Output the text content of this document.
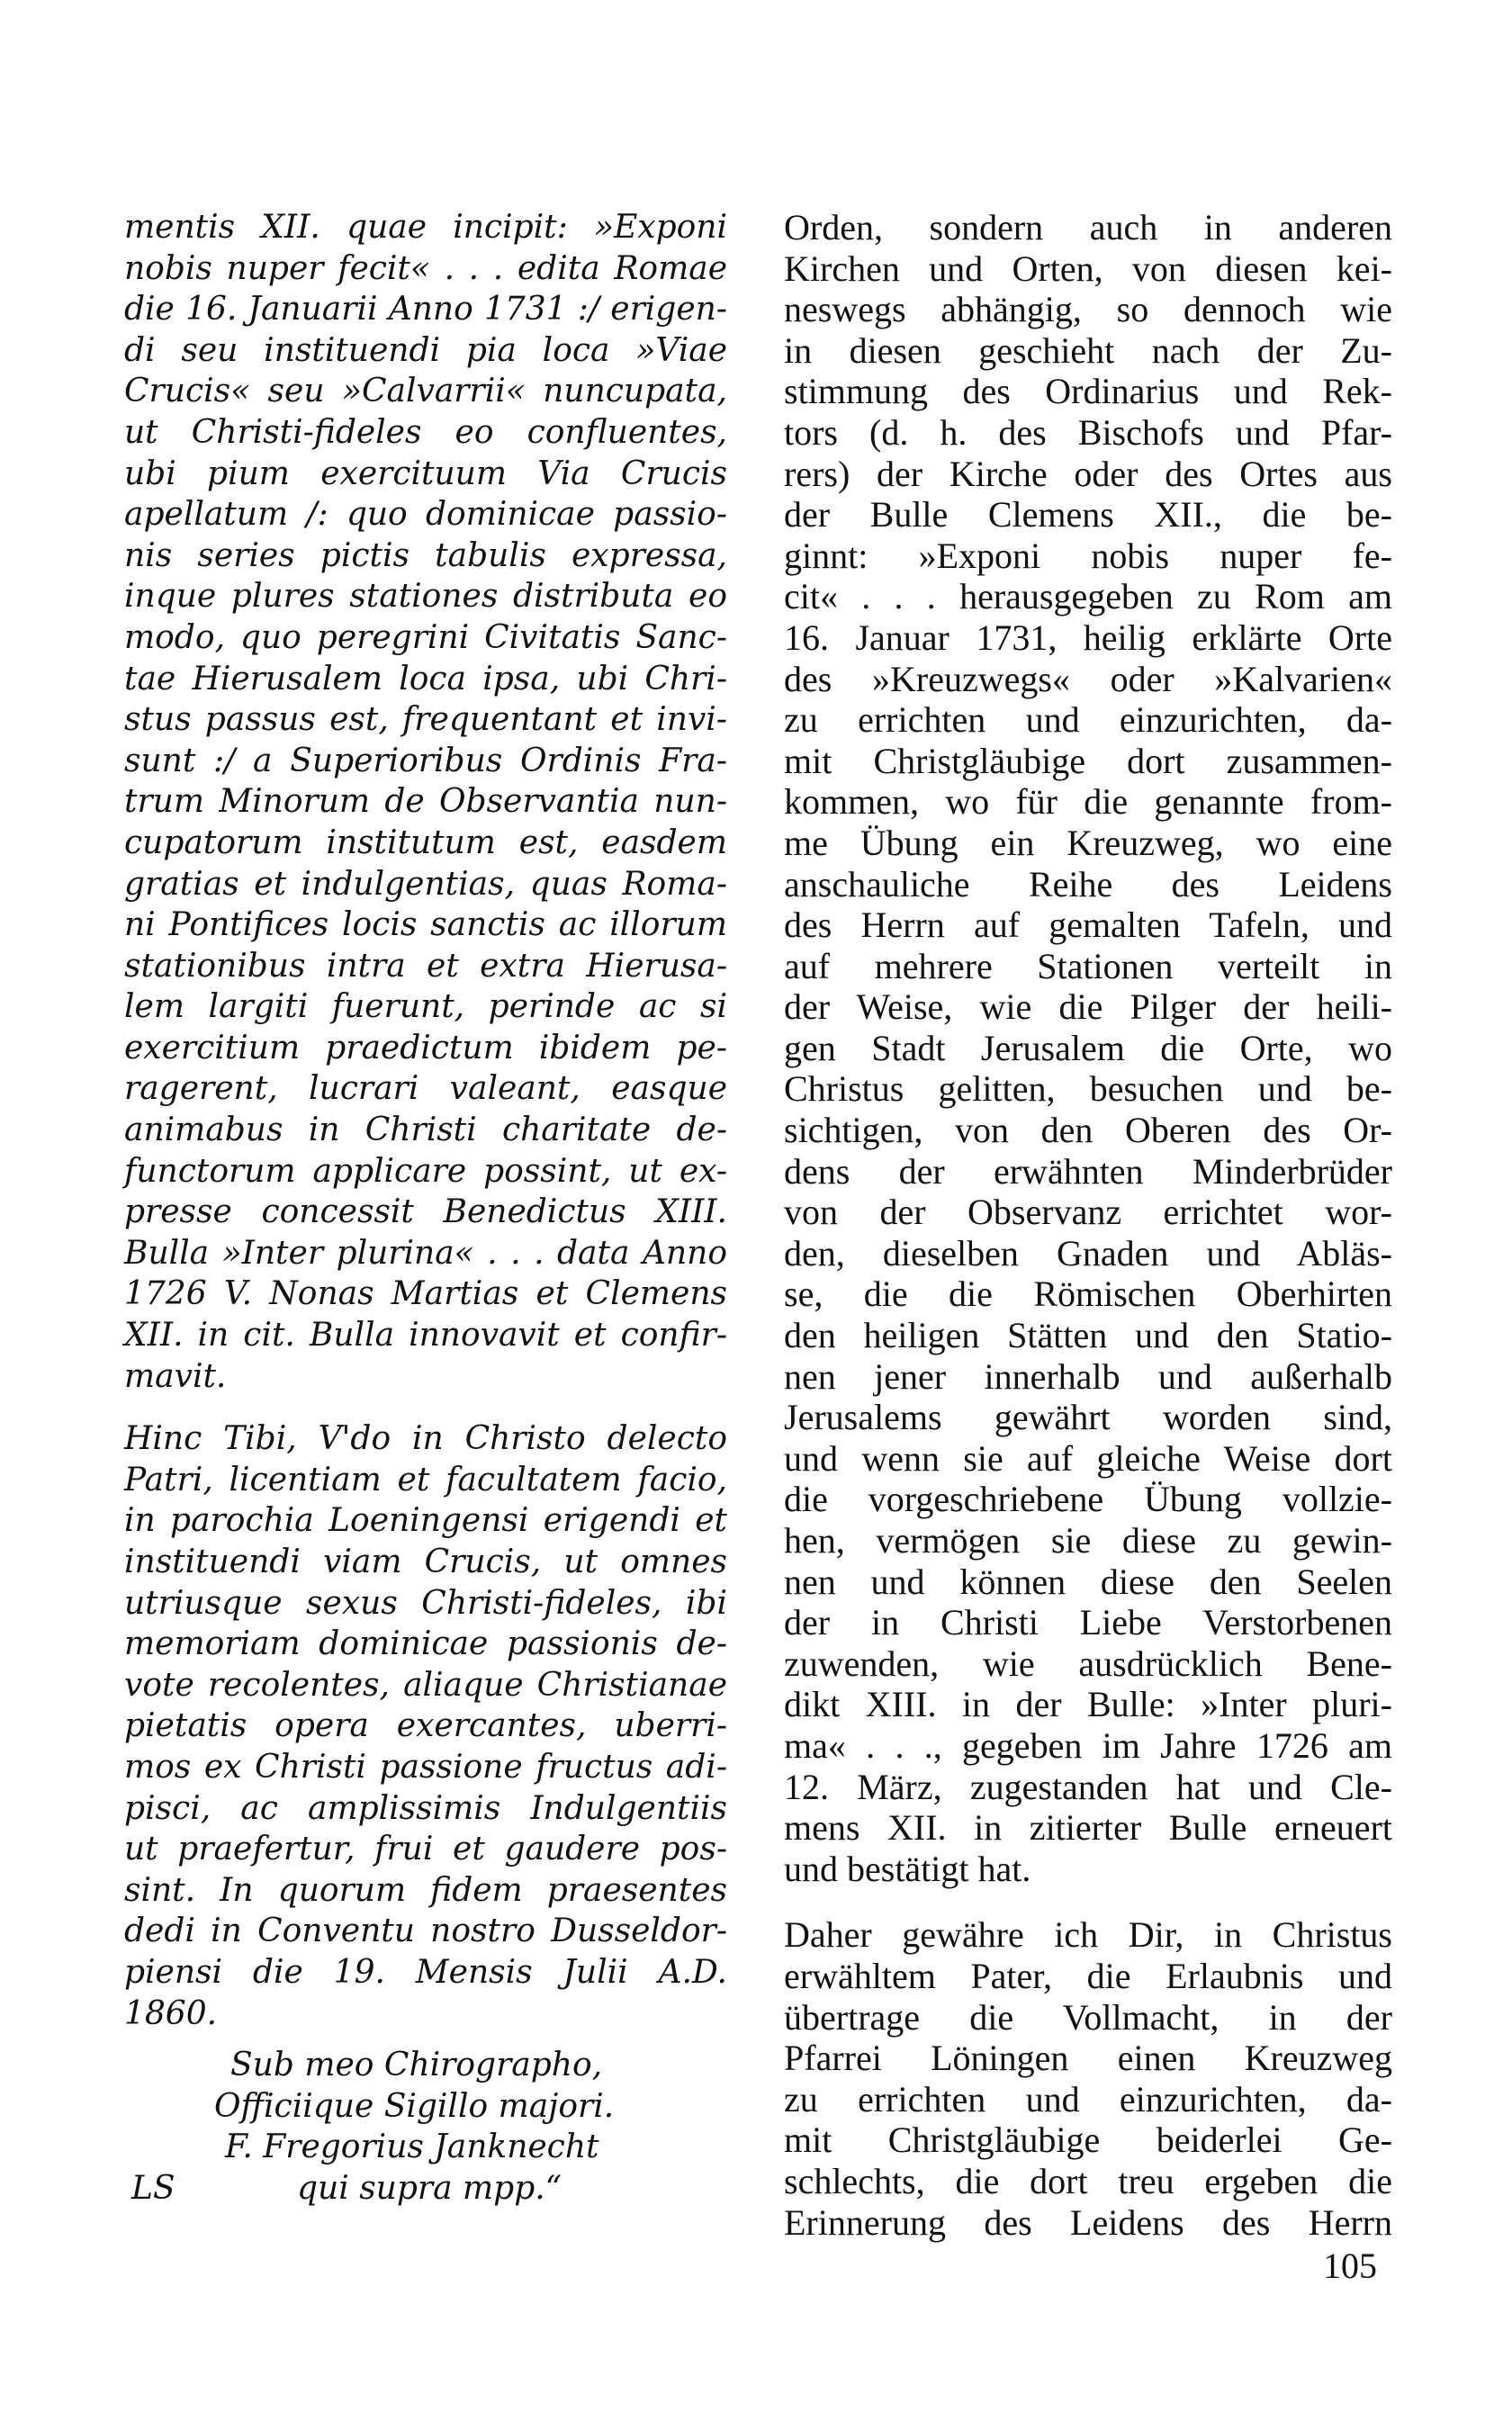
mentis XII. quae incipit: »Exponi
nobis nuper fecit« . . . edita Romae
die 16. Januarii Anno 1731 :/ erigen-
di seu instituendi pia loca »Viae
Crucis« seu »Calvarrii« nuncupata,
ut Christi-fideles eo confluentes,
ubi pium exercituum Via Crucis
apellatum /: quo dominicae passio-
nis series pictis tabulis expressa,
inque plures stationes distributa eo
modo, quo peregrini Civitatis Sanc-
tae Hierusalem loca ipsa, ubi Chri-
stus passus est, frequentant et invi-
sunt :/ a Superioribus Ordinis Fra-
trum Minorum de Observantia nun-
cupatorum institutum est, easdem
gratias et indulgentias, quas Roma-
ni Pontifices locis sanctis ac illorum
stationibus intra et extra Hierusa-
lem largiti fuerunt, perinde ac si
exercitium praedictum ibidem pe-
ragerent, lucrari valeant, easque
animabus in Christi charitate de-
functorum applicare possint, ut ex-
presse concessit Benedictus XIII.
Bulla »Inter plurina« . . . data Anno
1726 V. Nonas Martias et Clemens
XII. in cit. Bulla innovavit et confir-
mavit.
Hinc Tibi, V'do in Christo delecto
Patri, licentiam et facultatem facio,
in parochia Loeningensi erigendi et
instituendi viam Crucis, ut omnes
utriusque sexus Christi-fideles, ibi
memoriam dominicae passionis de-
vote recolentes, aliaque Christianae
pietatis opera exercantes, uberri-
mos ex Christi passione fructus adi-
pisci, ac amplissimis Indulgentiis
ut praefertur, frui et gaudere pos-
sint. In quorum fidem praesentes
dedi in Conventu nostro Dusseldor-
piensi die 19. Mensis Julii A.D. 1860.
Sub meo Chirographo,
Officiique Sigillo majori.
F. Fregorius Janknecht
LS	qui supra mpp.“
Orden, sondern auch in anderen
Kirchen und Orten, von diesen kei-
neswegs abhängig, so dennoch wie
in diesen geschieht nach der Zu-
stimmung des Ordinarius und Rek-
tors (d. h. des Bischofs und Pfar-
rers) der Kirche oder des Ortes aus
der Bulle Clemens XII., die be-
ginnt: »Exponi nobis nuper fe-
cit« . . . herausgegeben zu Rom am
16. Januar 1731, heilig erklärte Orte
des »Kreuzwegs« oder »Kalvarien«
zu errichten und einzurichten, da-
mit Christgläubige dort zusammen-
kommen, wo für die genannte from-
me Übung ein Kreuzweg, wo eine
anschauliche Reihe des Leidens
des Herrn auf gemalten Tafeln, und
auf mehrere Stationen verteilt in
der Weise, wie die Pilger der heili-
gen Stadt Jerusalem die Orte, wo
Christus gelitten, besuchen und be-
sichtigen, von den Oberen des Or-
dens der erwähnten Minderbrüder
von der Observanz errichtet wor-
den, dieselben Gnaden und Abläs-
se, die die Römischen Oberhirten
den heiligen Stätten und den Statio-
nen jener innerhalb und außerhalb
Jerusalems gewährt worden sind,
und wenn sie auf gleiche Weise dort
die vorgeschriebene Übung vollzie-
hen, vermögen sie diese zu gewin-
nen und können diese den Seelen
der in Christi Liebe Verstorbenen
zuwenden, wie ausdrücklich Bene-
dikt XIII. in der Bulle: »Inter pluri-
ma« . . ., gegeben im Jahre 1726 am
12. März, zugestanden hat und Cle-
mens XII. in zitierter Bulle erneuert
und bestätigt hat.
Daher gewähre ich Dir, in Christus
erwähltem Pater, die Erlaubnis und
übertrage die Vollmacht, in der
Pfarrei Löningen einen Kreuzweg
zu errichten und einzurichten, da-
mit Christgläubige beiderlei Ge-
schlechts, die dort treu ergeben die
Erinnerung des Leidens des Herrn
105
